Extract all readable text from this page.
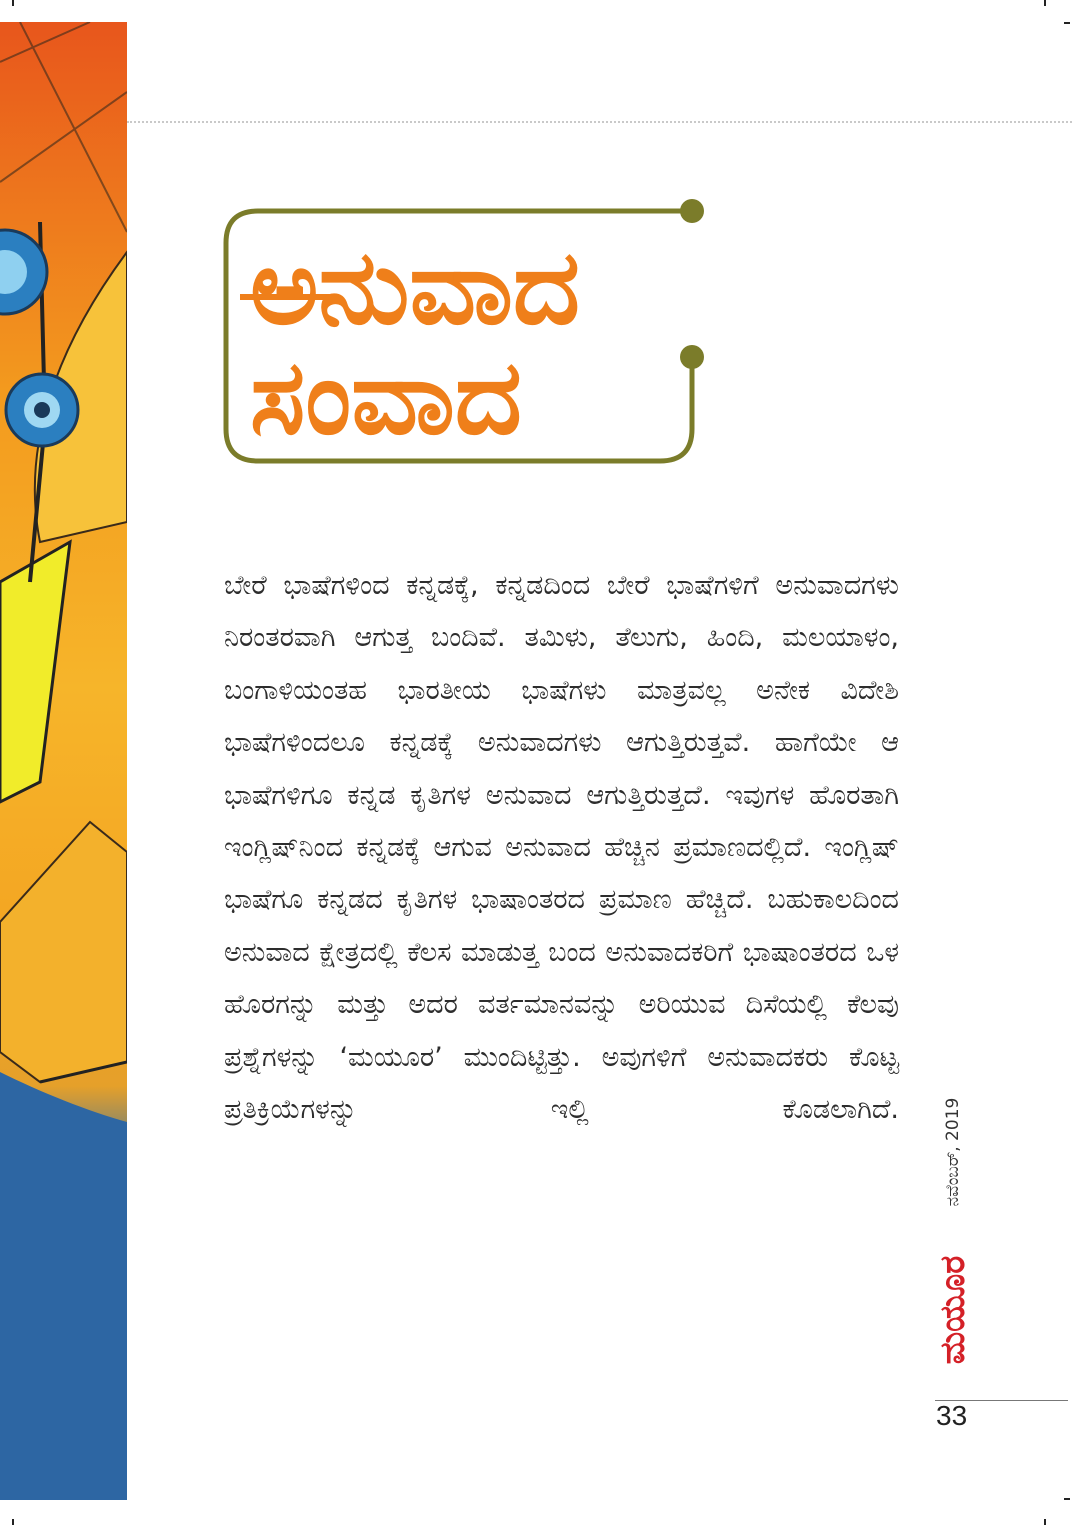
ಅನುವಾದ
ಸಂವಾದ

ಬೇರೆ ಭಾಷೆಗಳಿಂದ ಕನ್ನಡಕ್ಕೆ, ಕನ್ನಡದಿಂದ ಬೇರೆ ಭಾಷೆಗಳಿಗೆ ಅನುವಾದಗಳು ನಿರಂತರವಾಗಿ ಆಗುತ್ತ ಬಂದಿವೆ. ತಮಿಳು, ತೆಲುಗು, ಹಿಂದಿ, ಮಲಯಾಳಂ, ಬಂಗಾಳಿಯಂತಹ ಭಾರತೀಯ ಭಾಷೆಗಳು ಮಾತ್ರವಲ್ಲ ಅನೇಕ ವಿದೇಶಿ ಭಾಷೆಗಳಿಂದಲೂ ಕನ್ನಡಕ್ಕೆ ಅನುವಾದಗಳು ಆಗುತ್ತಿರುತ್ತವೆ. ಹಾಗೆಯೇ ಆ ಭಾಷೆಗಳಿಗೂ ಕನ್ನಡ ಕೃತಿಗಳ ಅನುವಾದ ಆಗುತ್ತಿರುತ್ತದೆ. ಇವುಗಳ ಹೊರತಾಗಿ ಇಂಗ್ಲಿಷ್‌ನಿಂದ ಕನ್ನಡಕ್ಕೆ ಆಗುವ ಅನುವಾದ ಹೆಚ್ಚಿನ ಪ್ರಮಾಣದಲ್ಲಿದೆ. ಇಂಗ್ಲಿಷ್ ಭಾಷೆಗೂ ಕನ್ನಡದ ಕೃತಿಗಳ ಭಾಷಾಂತರದ ಪ್ರಮಾಣ ಹೆಚ್ಚಿದೆ. ಬಹುಕಾಲದಿಂದ ಅನುವಾದ ಕ್ಷೇತ್ರದಲ್ಲಿ ಕೆಲಸ ಮಾಡುತ್ತ ಬಂದ ಅನುವಾದಕರಿಗೆ ಭಾಷಾಂತರದ ಒಳ ಹೊರಗನ್ನು ಮತ್ತು ಅದರ ವರ್ತಮಾನವನ್ನು ಅರಿಯುವ ದಿಸೆಯಲ್ಲಿ ಕೆಲವು ಪ್ರಶ್ನೆಗಳನ್ನು ‘ಮಯೂರ’ ಮುಂದಿಟ್ಟಿತ್ತು. ಅವುಗಳಿಗೆ ಅನುವಾದಕರು ಕೊಟ್ಟ ಪ್ರತಿಕ್ರಿಯೆಗಳನ್ನು ಇಲ್ಲಿ ಕೊಡಲಾಗಿದೆ.	ನವೆಂಬರ್, 2019
ಮಯೂರ
33
